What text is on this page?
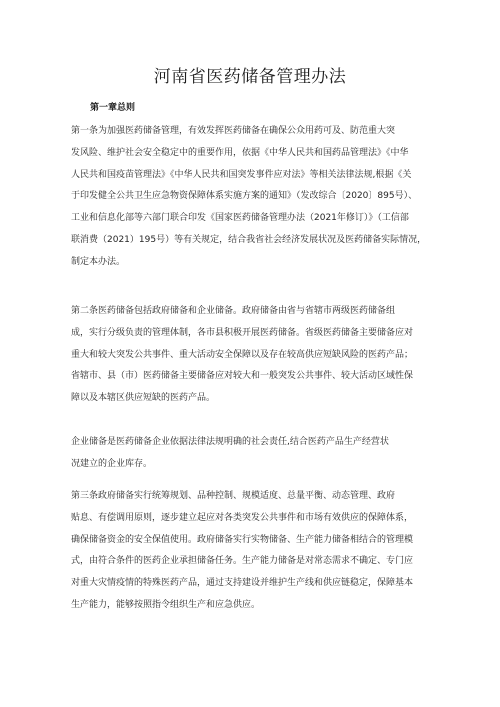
河南省医药储备管理办法
第一章总则

第一条为加强医药储备管理，有效发挥医药储备在确保公众用药可及、防范重大突
发风险、维护社会安全稳定中的重要作用，依据《中华人民共和国药品管理法》《中华
人民共和国疫苗管理法》《中华人民共和国突发事件应对法》等相关法律法规,根据《关
于印发健全公共卫生应急物资保障体系实施方案的通知》（发改综合〔2020〕895号）、
工业和信息化部等六部门联合印发《国家医药储备管理办法（2021年修订）》（工信部
联消费（2021）195号）等有关规定，结合我省社会经济发展状况及医药储备实际情况，
制定本办法。

第二条医药储备包括政府储备和企业储备。政府储备由省与省辖市两级医药储备组
成，实行分级负责的管理体制，各市县积极开展医药储备。省级医药储备主要储备应对
重大和较大突发公共事件、重大活动安全保障以及存在较高供应短缺风险的医药产品；
省辖市、县（市）医药储备主要储备应对较大和一般突发公共事件、较大活动区域性保
障以及本辖区供应短缺的医药产品。

企业储备是医药储备企业依据法律法规明确的社会责任,结合医药产品生产经营状
况建立的企业库存。

第三条政府储备实行统筹规划、品种控制、规模适度、总量平衡、动态管理、政府
贴息、有偿调用原则，逐步建立起应对各类突发公共事件和市场有效供应的保障体系，
确保储备资金的安全保值使用。政府储备实行实物储备、生产能力储备相结合的管理模
式，由符合条件的医药企业承担储备任务。生产能力储备是对常态需求不确定、专门应
对重大灾情疫情的特殊医药产品，通过支持建设并维护生产线和供应链稳定，保障基本
生产能力，能够按照指令组织生产和应急供应。
